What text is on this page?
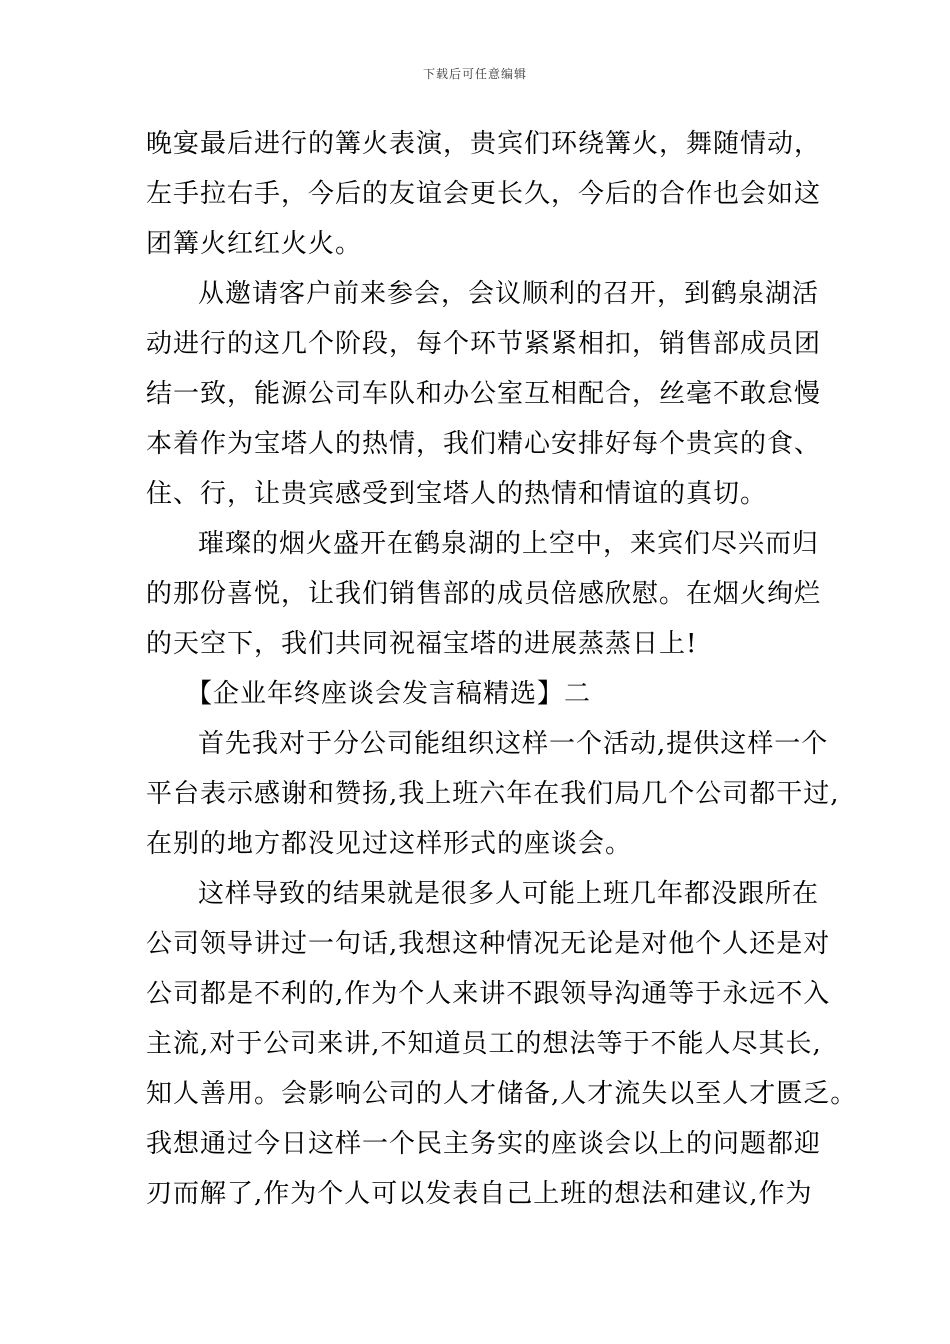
下载后可任意编辑
晚宴最后进行的篝火表演，贵宾们环绕篝火，舞随情动，
左手拉右手，今后的友谊会更长久，今后的合作也会如这
团篝火红红火火。
从邀请客户前来参会，会议顺利的召开，到鹤泉湖活
动进行的这几个阶段，每个环节紧紧相扣，销售部成员团
结一致，能源公司车队和办公室互相配合，丝毫不敢怠慢
本着作为宝塔人的热情，我们精心安排好每个贵宾的食、
住、行，让贵宾感受到宝塔人的热情和情谊的真切。
璀璨的烟火盛开在鹤泉湖的上空中，来宾们尽兴而归
的那份喜悦，让我们销售部的成员倍感欣慰。在烟火绚烂
的天空下，我们共同祝福宝塔的进展蒸蒸日上!
【企业年终座谈会发言稿精选】二
首先我对于分公司能组织这样一个活动,提供这样一个
平台表示感谢和赞扬,我上班六年在我们局几个公司都干过,
在别的地方都没见过这样形式的座谈会。
这样导致的结果就是很多人可能上班几年都没跟所在
公司领导讲过一句话,我想这种情况无论是对他个人还是对
公司都是不利的,作为个人来讲不跟领导沟通等于永远不入
主流,对于公司来讲,不知道员工的想法等于不能人尽其长,
知人善用。会影响公司的人才储备,人才流失以至人才匮乏。
我想通过今日这样一个民主务实的座谈会以上的问题都迎
刃而解了,作为个人可以发表自己上班的想法和建议,作为
